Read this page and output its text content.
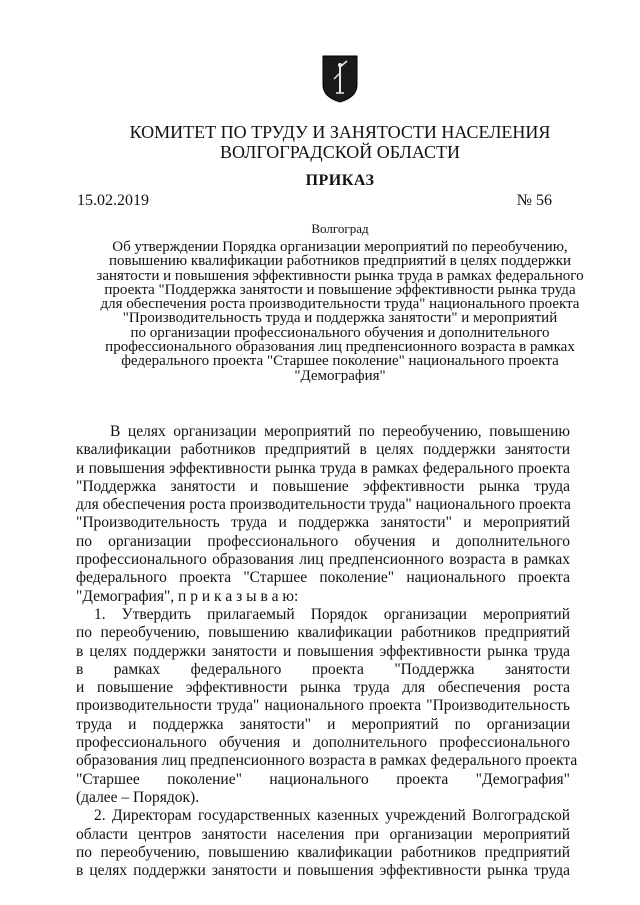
КОМИТЕТ ПО ТРУДУ И ЗАНЯТОСТИ НАСЕЛЕНИЯ
ВОЛГОГРАДСКОЙ ОБЛАСТИ
ПРИКАЗ
15.02.2019	№ 56
Волгоград
Об утверждении Порядка организации мероприятий по переобучению,
повышению квалификации работников предприятий в целях поддержки
занятости и повышения эффективности рынка труда в рамках федерального
проекта "Поддержка занятости и повышение эффективности рынка труда
для обеспечения роста производительности труда" национального проекта
"Производительность труда и поддержка занятости" и мероприятий
по организации профессионального обучения и дополнительного
профессионального образования лиц предпенсионного возраста в рамках
федерального проекта "Старшее поколение" национального проекта
"Демография"
В целях организации мероприятий по переобучению, повышению
квалификации работников предприятий в целях поддержки занятости
и повышения эффективности рынка труда в рамках федерального проекта
"Поддержка занятости и повышение эффективности рынка труда
для обеспечения роста производительности труда" национального проекта
"Производительность труда и поддержка занятости" и мероприятий
по организации профессионального обучения и дополнительного
профессионального образования лиц предпенсионного возраста в рамках
федерального проекта "Старшее поколение" национального проекта
"Демография", п р и к а з ы в а ю:
1. Утвердить прилагаемый Порядок организации мероприятий
по переобучению, повышению квалификации работников предприятий
в целях поддержки занятости и повышения эффективности рынка труда
в рамках федерального проекта "Поддержка занятости
и повышение эффективности рынка труда для обеспечения роста
производительности труда" национального проекта "Производительность
труда и поддержка занятости" и мероприятий по организации
профессионального обучения и дополнительного профессионального
образования лиц предпенсионного возраста в рамках федерального проекта
"Старшее поколение" национального проекта "Демография"
(далее – Порядок).
2. Директорам государственных казенных учреждений Волгоградской
области центров занятости населения при организации мероприятий
по переобучению, повышению квалификации работников предприятий
в целях поддержки занятости и повышения эффективности рынка труда
